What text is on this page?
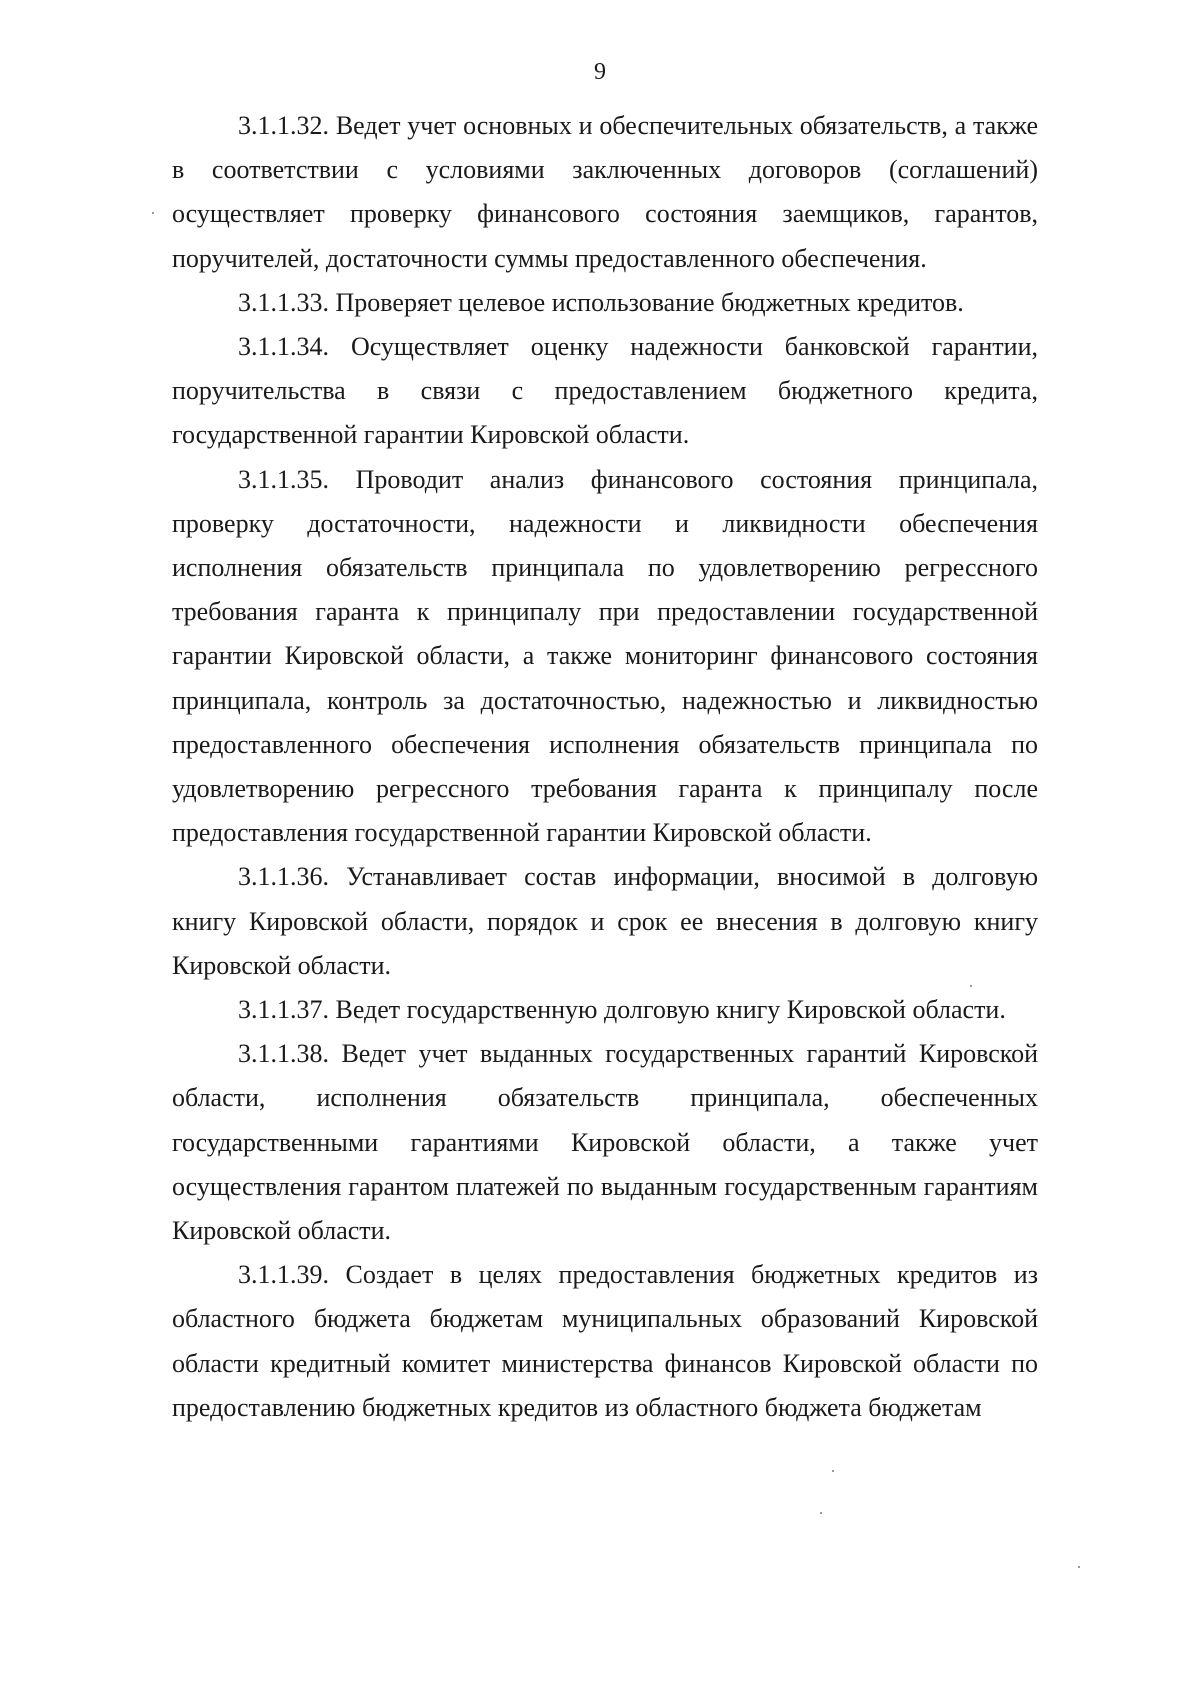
9

3.1.1.32. Ведет учет основных и обеспечительных обязательств, а также в соответствии с условиями заключенных договоров (соглашений) осуществляет проверку финансового состояния заемщиков, гарантов, поручителей, достаточности суммы предоставленного обеспечения.

3.1.1.33. Проверяет целевое использование бюджетных кредитов.

3.1.1.34. Осуществляет оценку надежности банковской гарантии, поручительства в связи с предоставлением бюджетного кредита, государственной гарантии Кировской области.

3.1.1.35. Проводит анализ финансового состояния принципала, проверку достаточности, надежности и ликвидности обеспечения исполнения обязательств принципала по удовлетворению регрессного требования гаранта к принципалу при предоставлении государственной гарантии Кировской области, а также мониторинг финансового состояния принципала, контроль за достаточностью, надежностью и ликвидностью предоставленного обеспечения исполнения обязательств принципала по удовлетворению регрессного требования гаранта к принципалу после предоставления государственной гарантии Кировской области.

3.1.1.36. Устанавливает состав информации, вносимой в долговую книгу Кировской области, порядок и срок ее внесения в долговую книгу Кировской области.

3.1.1.37. Ведет государственную долговую книгу Кировской области.

3.1.1.38. Ведет учет выданных государственных гарантий Кировской области, исполнения обязательств принципала, обеспеченных государственными гарантиями Кировской области, а также учет осуществления гарантом платежей по выданным государственным гарантиям Кировской области.

3.1.1.39. Создает в целях предоставления бюджетных кредитов из областного бюджета бюджетам муниципальных образований Кировской области кредитный комитет министерства финансов Кировской области по предоставлению бюджетных кредитов из областного бюджета бюджетам
